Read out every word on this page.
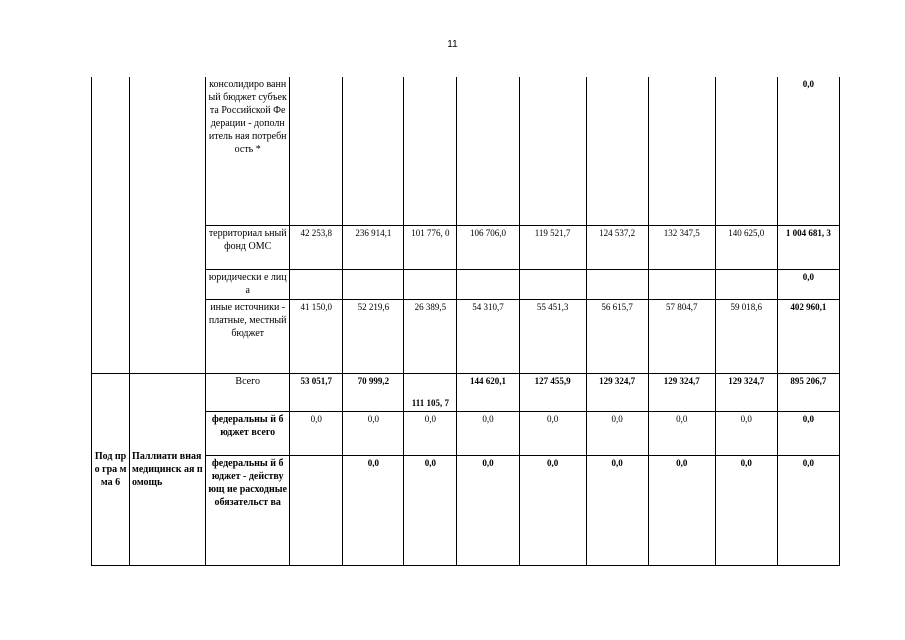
11
		консолидиро ванный бюджет субъекта Российской Федерации - дополнитель ная потребность *									0,0
		территориал ьный фонд ОМС	42 253,8	236 914,1	101 776, 0	106 706,0	119 521,7	124 537,2	132 347,5	140 625,0	1 004 681, 3
		юридически е лица									0,0
		иные источники - платные, местный бюджет	41 150,0	52 219,6	26 389,5	54 310,7	55 451,3	56 615,7	57 804,7	59 018,6	402 960,1
Под про гра мма 6	Паллиати вная медицинск ая помощь	Всего	53 051,7	70 999,2	111 105, 7	144 620,1	127 455,9	129 324,7	129 324,7	129 324,7	895 206,7
		федеральны й бюджет всего	0,0	0,0	0,0	0,0	0,0	0,0	0,0	0,0	0,0
		федеральны й бюджет - действующ ие расходные обязательст ва		0,0	0,0	0,0	0,0	0,0	0,0	0,0	0,0
